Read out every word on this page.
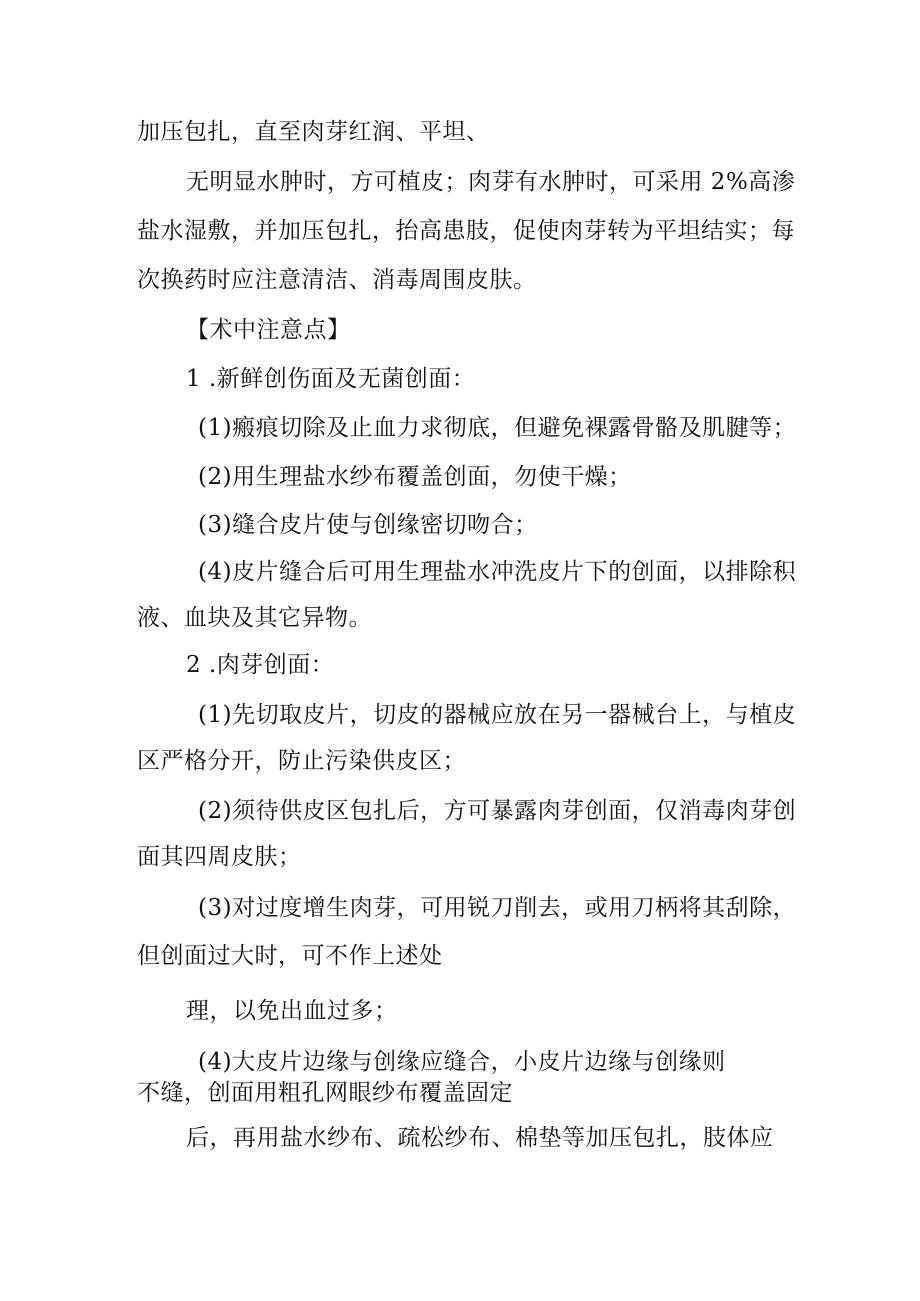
加压包扎，直至肉芽红润、平坦、
无明显水肿时，方可植皮；肉芽有水肿时，可采用 2%高渗
盐水湿敷，并加压包扎，抬高患肢，促使肉芽转为平坦结实；每
次换药时应注意清洁、消毒周围皮肤。
【术中注意点】
1 .新鲜创伤面及无菌创面：
(1)瘢痕切除及止血力求彻底，但避免裸露骨骼及肌腱等；
(2)用生理盐水纱布覆盖创面，勿使干燥；
(3)缝合皮片使与创缘密切吻合；
(4)皮片缝合后可用生理盐水冲洗皮片下的创面，以排除积
液、血块及其它异物。
2 .肉芽创面：
(1)先切取皮片，切皮的器械应放在另一器械台上，与植皮
区严格分开，防止污染供皮区；
(2)须待供皮区包扎后，方可暴露肉芽创面，仅消毒肉芽创
面其四周皮肤；
(3)对过度增生肉芽，可用锐刀削去，或用刀柄将其刮除，
但创面过大时，可不作上述处
理，以免出血过多；
(4)大皮片边缘与创缘应缝合，小皮片边缘与创缘则
不缝，创面用粗孔网眼纱布覆盖固定
后，再用盐水纱布、疏松纱布、棉垫等加压包扎，肢体应
